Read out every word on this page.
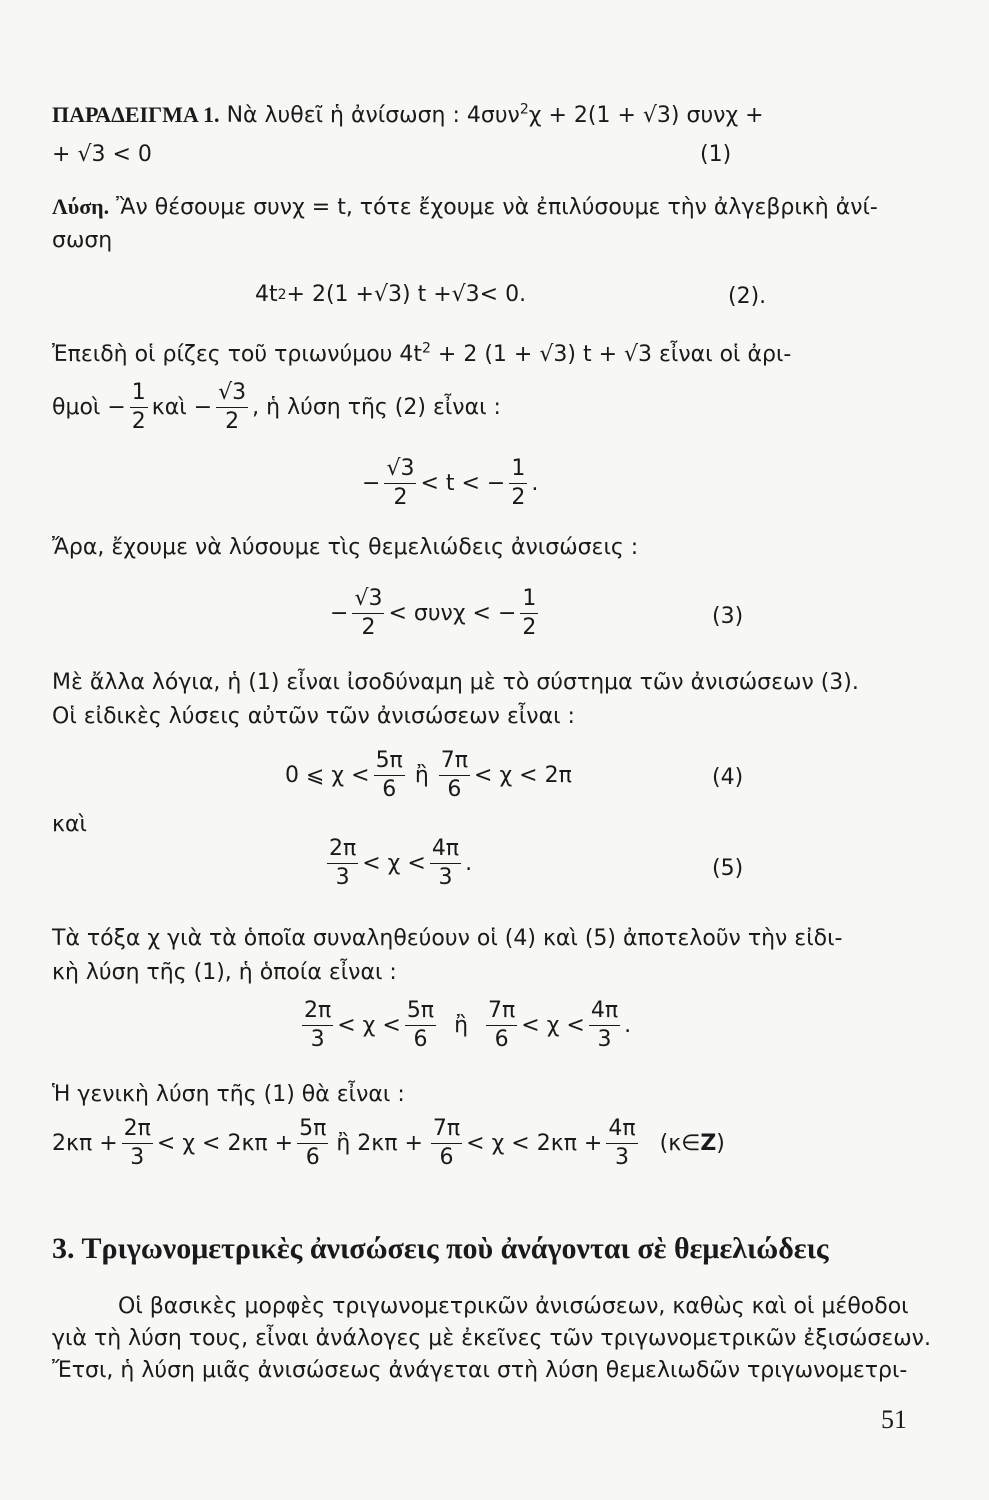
ΠΑΡΑΔΕΙΓΜΑ 1. Νὰ λυθεῖ ἡ ἀνίσωση : 4συν$^2$χ + 2(1 + √3) συνχ +
+ √3 < 0	(1)
Λύση. Ἂν θέσουμε συνχ = t, τότε ἔχουμε νὰ ἐπιλύσουμε τὴν ἀλγεβρικὴ ἀνί-
σωση
4t 2 + 2(1 + √3 ) t + √3 < 0.	(2).
Ἐπειδὴ οἱ ρίζες τοῦ τριωνύμου $4t^2 + 2$ (1 + √3) t + √3 εἶναι οἱ ἀρι-
θμοὶ − $\frac{1}{2}$ καὶ − $\frac{√3}{2}$ , ἡ λύση τῆς (2) εἶναι :
− $\frac{√3}{2} < t$ < − $\frac{1}{2}$ .
Ἄρα, ἔχουμε νὰ λύσουμε τὶς θεμελιώδεις ἀνισώσεις :
− $\frac{√3}{2} < \sigma\upsilon\nu\chi$ < − $\frac{1}{2}$	(3)
Μὲ ἄλλα λόγια, ἡ (1) εἶναι ἰσοδύναμη μὲ τὸ σύστημα τῶν ἀνισώσεων (3).
Οἱ εἰδικὲς λύσεις αὐτῶν τῶν ἀνισώσεων εἶναι :
0 ⩽ $\chi < \frac{5\pi}{6}$ ἢ $\frac{7\pi}{6} < \chi < 2\pi$	(4)
καὶ
$\frac{2\pi}{3} < \chi < \frac{4\pi}{3}$ .	(5)
Τὰ τόξα χ γιὰ τὰ ὁποῖα συναληθεύουν οἱ (4) καὶ (5) ἀποτελοῦν τὴν εἰδι-
κὴ λύση τῆς (1), ἡ ὁποία εἶναι :
$\frac{2\pi}{3} < \chi < \frac{5\pi}{6}$ ἢ $\frac{7\pi}{6} < \chi < \frac{4\pi}{3}$ .
Ἡ γενικὴ λύση τῆς (1) θὰ εἶναι :
$2\kappa\pi + \frac{2\pi}{3} < \chi < 2\kappa\pi + \frac{5\pi}{6}$ ἢ $2\kappa\pi + \frac{7\pi}{6} < \chi < 2\kappa\pi + \frac{4\pi}{3}$ (κ∈Z)
3. Τριγωνομετρικὲς ἀνισώσεις ποὺ ἀνάγονται σὲ θεμελιώδεις
Οἱ βασικὲς μορφὲς τριγωνομετρικῶν ἀνισώσεων, καθὼς καὶ οἱ μέθοδοι
γιὰ τὴ λύση τους, εἶναι ἀνάλογες μὲ ἐκεῖνες τῶν τριγωνομετρικῶν ἐξισώσεων.
Ἔτσι, ἡ λύση μιᾶς ἀνισώσεως ἀνάγεται στὴ λύση θεμελιωδῶν τριγωνομετρι-
51
